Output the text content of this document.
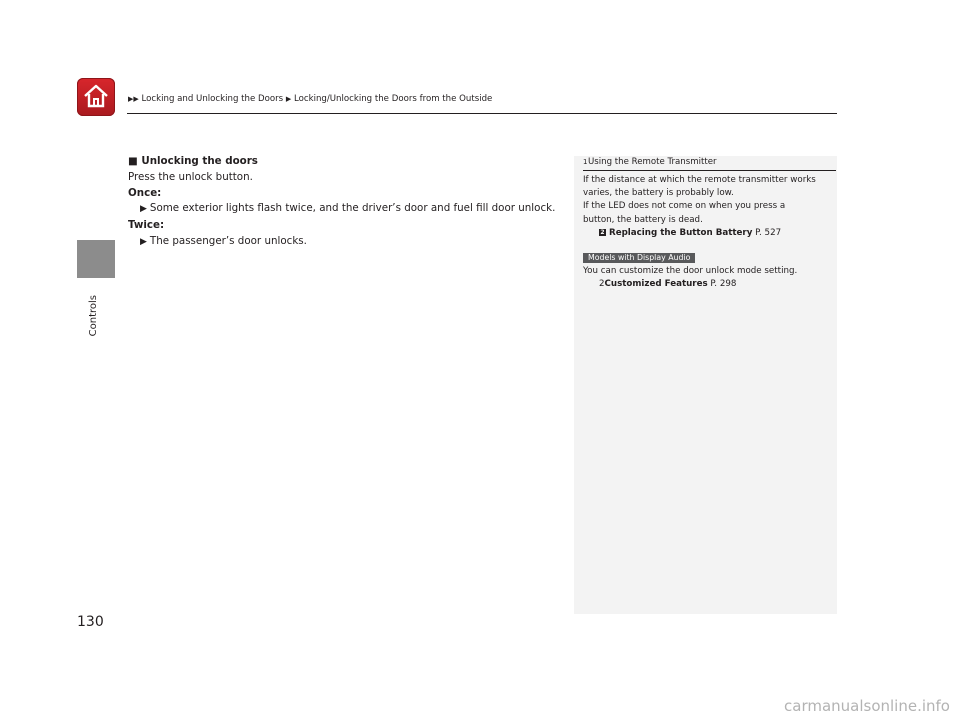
▶▶ Locking and Unlocking the Doors ▶ Locking/Unlocking the Doors from the Outside
Controls
■ Unlocking the doors
Press the unlock button.
Once:
▶ Some exterior lights flash twice, and the driver’s door and fuel fill door unlock.
Twice:
▶ The passenger’s door unlocks.
1 Using the Remote Transmitter
If the distance at which the remote transmitter works
varies, the battery is probably low.
If the LED does not come on when you press a
button, the battery is dead.
2 Replacing the Button Battery P. 527
Models with Display Audio
You can customize the door unlock mode setting.
2Customized Features P. 298
130
carmanualsonline.info
